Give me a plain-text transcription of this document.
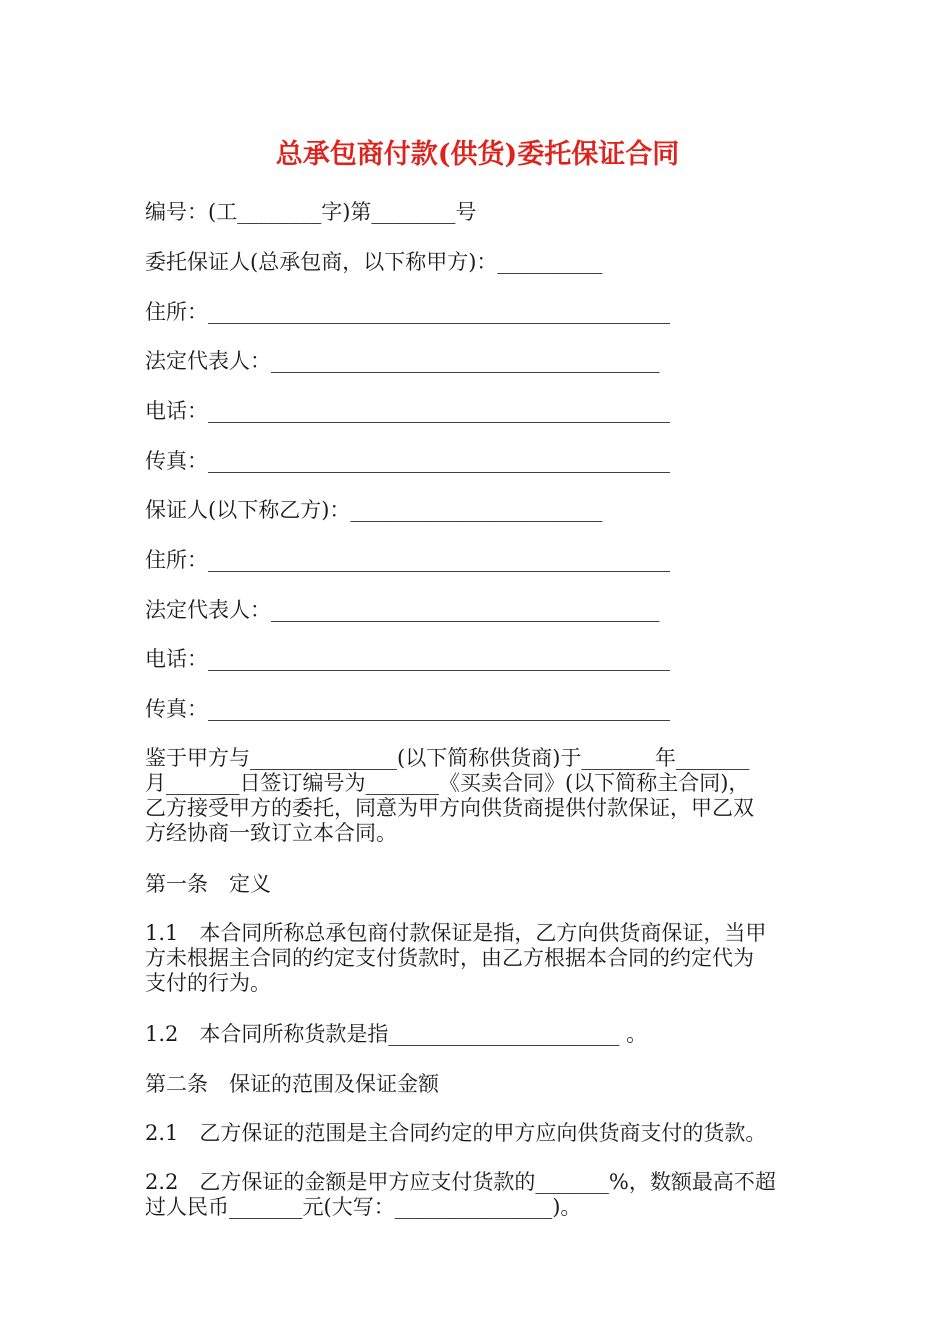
总承包商付款(供货)委托保证合同
编号：(工________字)第________号
委托保证人(总承包商，以下称甲方)：__________
住所：____________________________________________
法定代表人：_____________________________________
电话：____________________________________________
传真：____________________________________________
保证人(以下称乙方)：________________________
住所：____________________________________________
法定代表人：_____________________________________
电话：____________________________________________
传真：____________________________________________
鉴于甲方与______________(以下简称供货商)于_______年_______
月_______日签订编号为_______《买卖合同》(以下简称主合同)，
乙方接受甲方的委托，同意为甲方向供货商提供付款保证，甲乙双
方经协商一致订立本合同。
第一条　定义
1.1　本合同所称总承包商付款保证是指，乙方向供货商保证，当甲
方未根据主合同的约定支付货款时，由乙方根据本合同的约定代为
支付的行为。
1.2　本合同所称货款是指______________________ 。
第二条　保证的范围及保证金额
2.1　乙方保证的范围是主合同约定的甲方应向供货商支付的货款。
2.2　乙方保证的金额是甲方应支付货款的_______%，数额最高不超
过人民币_______元(大写：_______________)。
